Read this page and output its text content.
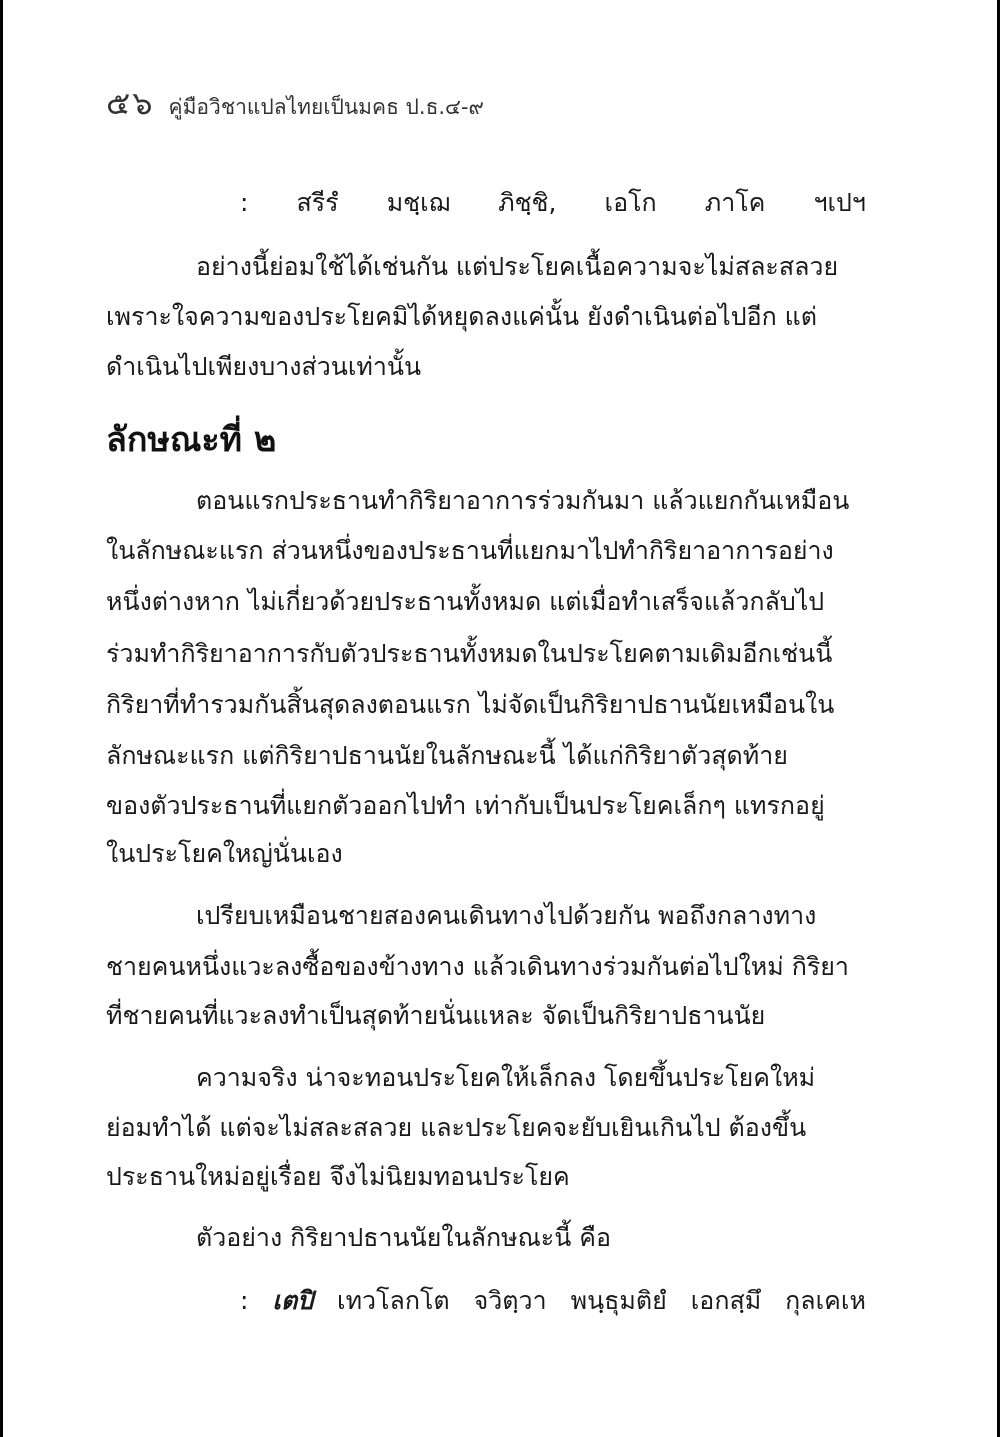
๕๖ คู่มือวิชาแปลไทยเป็นมคธ ป.ธ.๔-๙
: สรีรํ มชฺเฌ ภิชฺชิ, เอโก ภาโค ฯเปฯ

อย่างนี้ย่อมใช้ได้เช่นกัน แต่ประโยคเนื้อความจะไม่สละสลวย

เพราะใจความของประโยคมิได้หยุดลงแค่นั้น ยังดำเนินต่อไปอีก แต่

ดำเนินไปเพียงบางส่วนเท่านั้น

ลักษณะที่ ๒

ตอนแรกประธานทำกิริยาอาการร่วมกันมา แล้วแยกกันเหมือน

ในลักษณะแรก ส่วนหนึ่งของประธานที่แยกมาไปทำกิริยาอาการอย่าง

หนึ่งต่างหาก ไม่เกี่ยวด้วยประธานทั้งหมด แต่เมื่อทำเสร็จแล้วกลับไป

ร่วมทำกิริยาอาการกับตัวประธานทั้งหมดในประโยคตามเดิมอีกเช่นนี้

กิริยาที่ทำรวมกันสิ้นสุดลงตอนแรก ไม่จัดเป็นกิริยาปธานนัยเหมือนใน

ลักษณะแรก แต่กิริยาปธานนัยในลักษณะนี้ ได้แก่กิริยาตัวสุดท้าย

ของตัวประธานที่แยกตัวออกไปทำ เท่ากับเป็นประโยคเล็กๆ แทรกอยู่

ในประโยคใหญ่นั่นเอง

เปรียบเหมือนชายสองคนเดินทางไปด้วยกัน พอถึงกลางทาง

ชายคนหนึ่งแวะลงซื้อของข้างทาง แล้วเดินทางร่วมกันต่อไปใหม่ กิริยา

ที่ชายคนที่แวะลงทำเป็นสุดท้ายนั่นแหละ จัดเป็นกิริยาปธานนัย

ความจริง น่าจะทอนประโยคให้เล็กลง โดยขึ้นประโยคใหม่

ย่อมทำได้ แต่จะไม่สละสลวย และประโยคจะยับเยินเกินไป ต้องขึ้น

ประธานใหม่อยู่เรื่อย จึงไม่นิยมทอนประโยค

ตัวอย่าง กิริยาปธานนัยในลักษณะนี้ คือ

: เตปิ เทวโลกโต จวิตฺวา พนฺธุมติยํ เอกสฺมึ กุลเคเห
